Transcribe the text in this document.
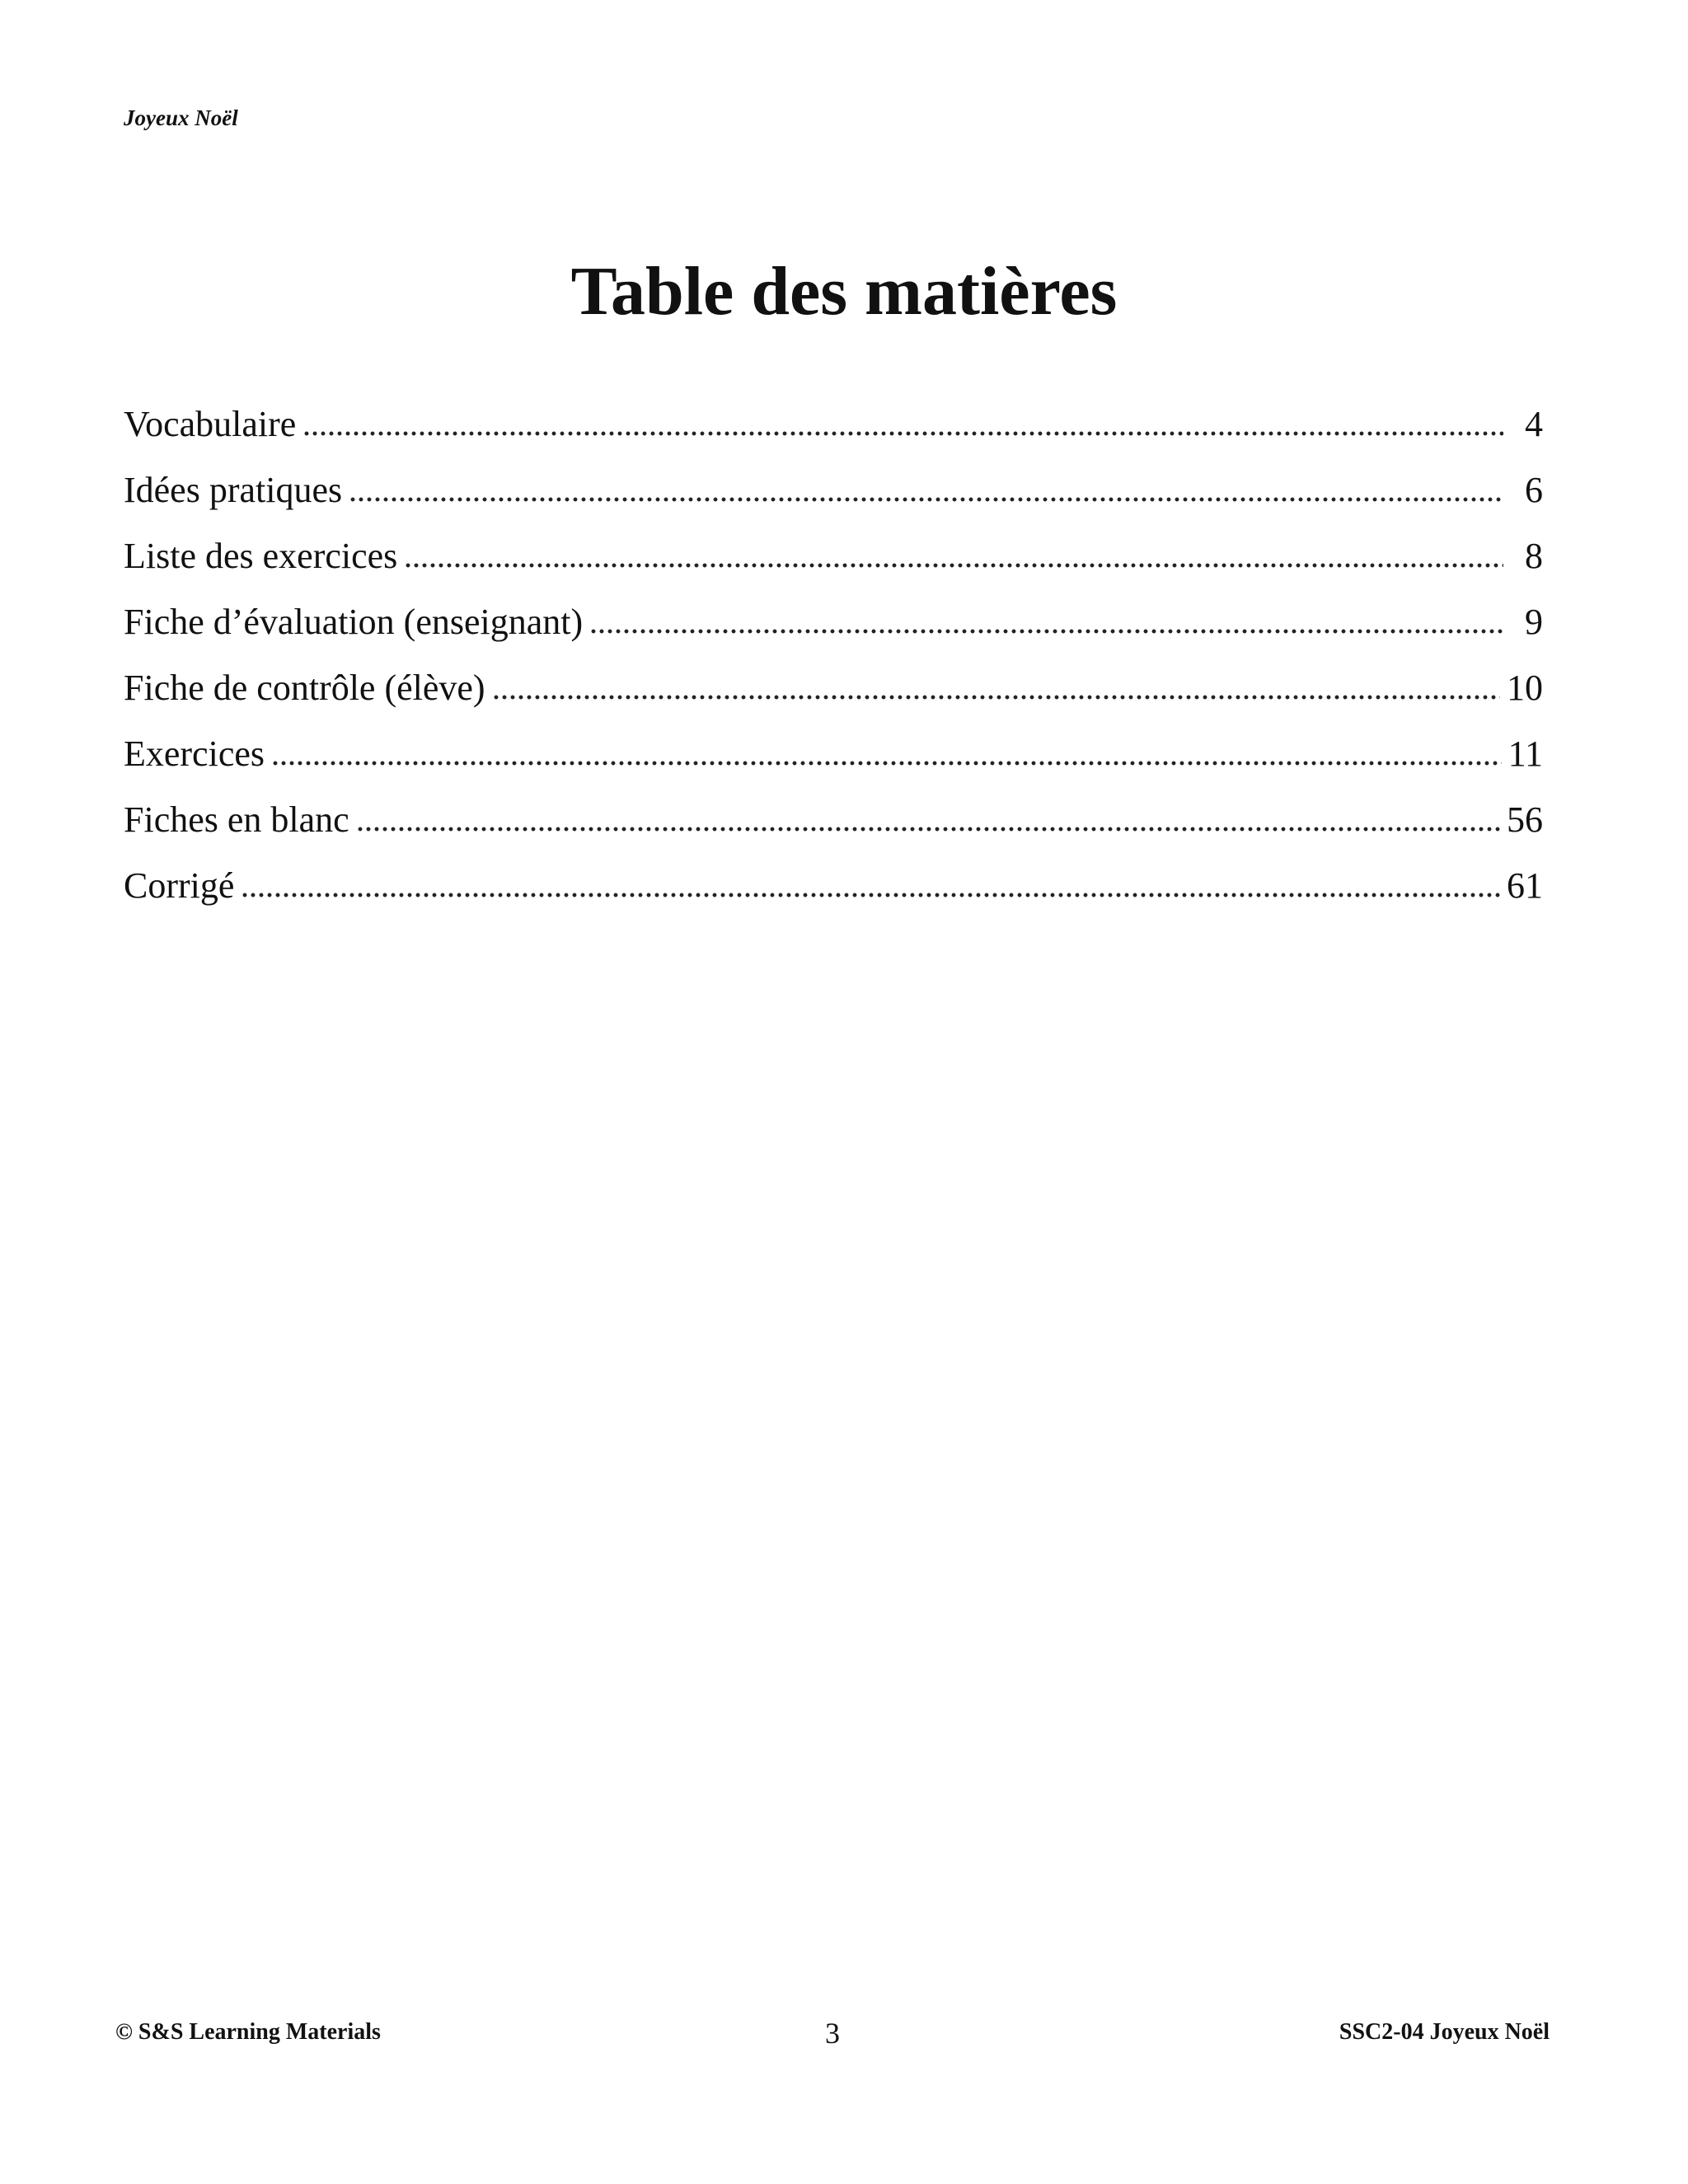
Joyeux Noël
Table des matières
Vocabulaire	4
Idées pratiques	6
Liste des exercices	8
Fiche d’évaluation (enseignant)	9
Fiche de contrôle (élève)	10
Exercices	11
Fiches en blanc	56
Corrigé	61
© S&S Learning Materials	3	SSC2-04 Joyeux Noël
